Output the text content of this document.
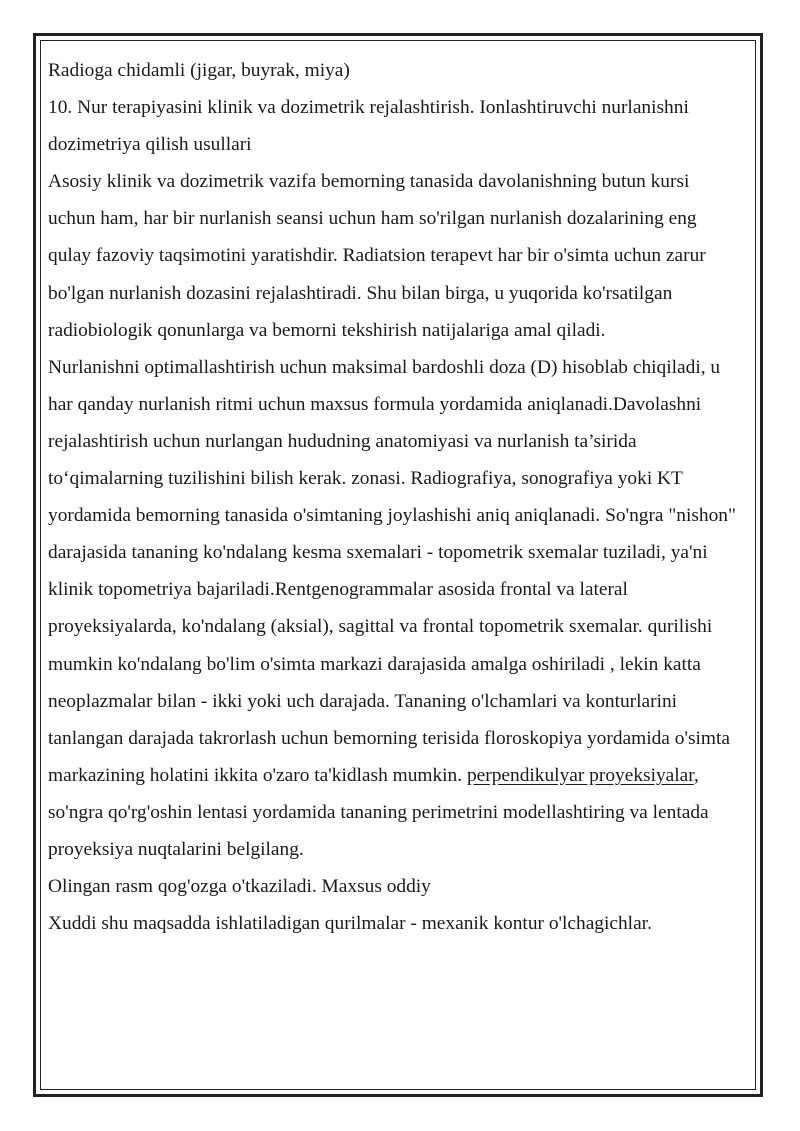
Radioga chidamli (jigar, buyrak, miya)

10. Nur terapiyasini klinik va dozimetrik rejalashtirish. Ionlashtiruvchi nurlanishni dozimetriya qilish usullari

Asosiy klinik va dozimetrik vazifa bemorning tanasida davolanishning butun kursi uchun ham, har bir nurlanish seansi uchun ham so'rilgan nurlanish dozalarining eng qulay fazoviy taqsimotini yaratishdir. Radiatsion terapevt har bir o'simta uchun zarur bo'lgan nurlanish dozasini rejalashtiradi. Shu bilan birga, u yuqorida ko'rsatilgan radiobiologik qonunlarga va bemorni tekshirish natijalariga amal qiladi.

Nurlanishni optimallashtirish uchun maksimal bardoshli doza (D) hisoblab chiqiladi, u har qanday nurlanish ritmi uchun maxsus formula yordamida aniqlanadi.Davolashni rejalashtirish uchun nurlangan hududning anatomiyasi va nurlanish ta’sirida to‘qimalarning tuzilishini bilish kerak. zonasi. Radiografiya, sonografiya yoki KT yordamida bemorning tanasida o'simtaning joylashishi aniq aniqlanadi. So'ngra "nishon" darajasida tananing ko'ndalang kesma sxemalari - topometrik sxemalar tuziladi, ya'ni klinik topometriya bajariladi.Rentgenogrammalar asosida frontal va lateral proyeksiyalarda, ko'ndalang (aksial), sagittal va frontal topometrik sxemalar. qurilishi mumkin ko'ndalang bo'lim o'simta markazi darajasida amalga oshiriladi , lekin katta neoplazmalar bilan - ikki yoki uch darajada. Tananing o'lchamlari va konturlarini tanlangan darajada takrorlash uchun bemorning terisida floroskopiya yordamida o'simta markazining holatini ikkita o'zaro ta'kidlash mumkin. perpendikulyar proyeksiyalar, so'ngra qo'rg'oshin lentasi yordamida tananing perimetrini modellashtiring va lentada proyeksiya nuqtalarini belgilang.

Olingan rasm qog'ozga o'tkaziladi. Maxsus oddiy

Xuddi shu maqsadda ishlatiladigan qurilmalar - mexanik kontur o'lchagichlar.
